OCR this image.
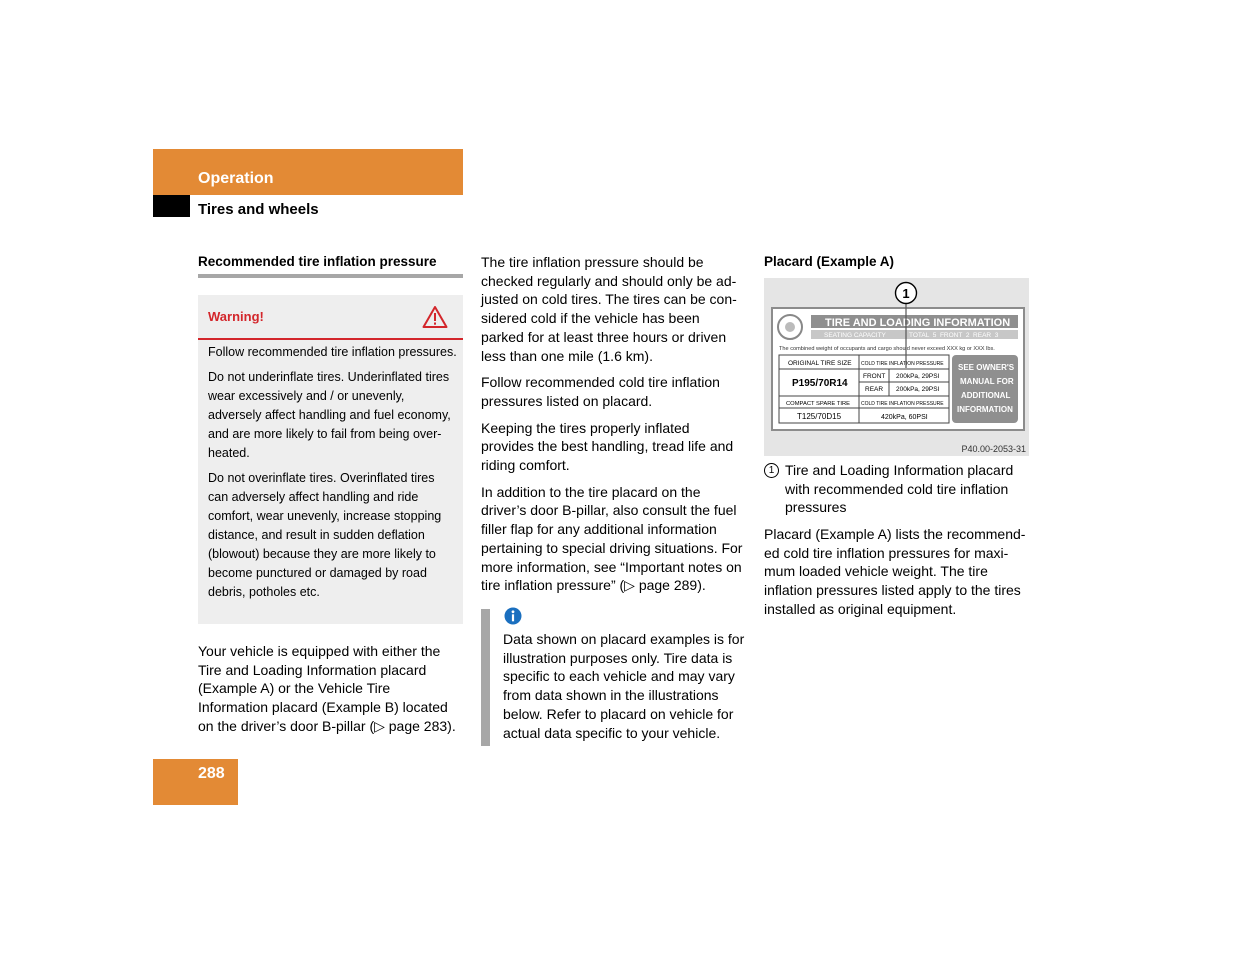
Operation
Tires and wheels
Recommended tire inflation pressure
Warning!

Follow recommended tire inflation pressures.

Do not underinflate tires. Underinflated tires wear excessively and / or unevenly, adversely affect handling and fuel economy, and are more likely to fail from being over-heated.

Do not overinflate tires. Overinflated tires can adversely affect handling and ride comfort, wear unevenly, increase stopping distance, and result in sudden deflation (blowout) because they are more likely to become punctured or damaged by road debris, potholes etc.

Your vehicle is equipped with either the Tire and Loading Information placard (Example A) or the Vehicle Tire Information placard (Example B) located on the driver’s door B-pillar (▷ page 283).

The tire inflation pressure should be checked regularly and should only be ad-justed on cold tires. The tires can be con-sidered cold if the vehicle has been parked for at least three hours or driven less than one mile (1.6 km).

Follow recommended cold tire inflation pressures listed on placard.

Keeping the tires properly inflated provides the best handling, tread life and riding comfort.

In addition to the tire placard on the driver’s door B-pillar, also consult the fuel filler flap for any additional information pertaining to special driving situations. For more information, see “Important notes on tire inflation pressure” (▷ page 289).

Data shown on placard examples is for illustration purposes only. Tire data is specific to each vehicle and may vary from data shown in the illustrations below. Refer to placard on vehicle for actual data specific to your vehicle.
Placard (Example A)
TIRE AND LOADING INFORMATION
SEATING CAPACITY	TOTAL  5  FRONT  2  REAR  3
The combined weight of occupants and cargo should never exceed XXX kg or XXX lbs.
ORIGINAL TIRE SIZE COLD TIRE INFLATION PRESSURE
P195/70R14
FRONT 200kPa, 29PSI
REAR 200kPa, 29PSI
COMPACT SPARE TIRE COLD TIRE INFLATION PRESSURE
T125/70D15	420kPa, 60PSI
SEE OWNER'S
MANUAL FOR
ADDITIONAL
INFORMATION
1
P40.00-2053-31
1 Tire and Loading Information placard with recommended cold tire inflation pressures
Placard (Example A) lists the recommend-ed cold tire inflation pressures for maxi-mum loaded vehicle weight. The tire inflation pressures listed apply to the tires installed as original equipment.
288
